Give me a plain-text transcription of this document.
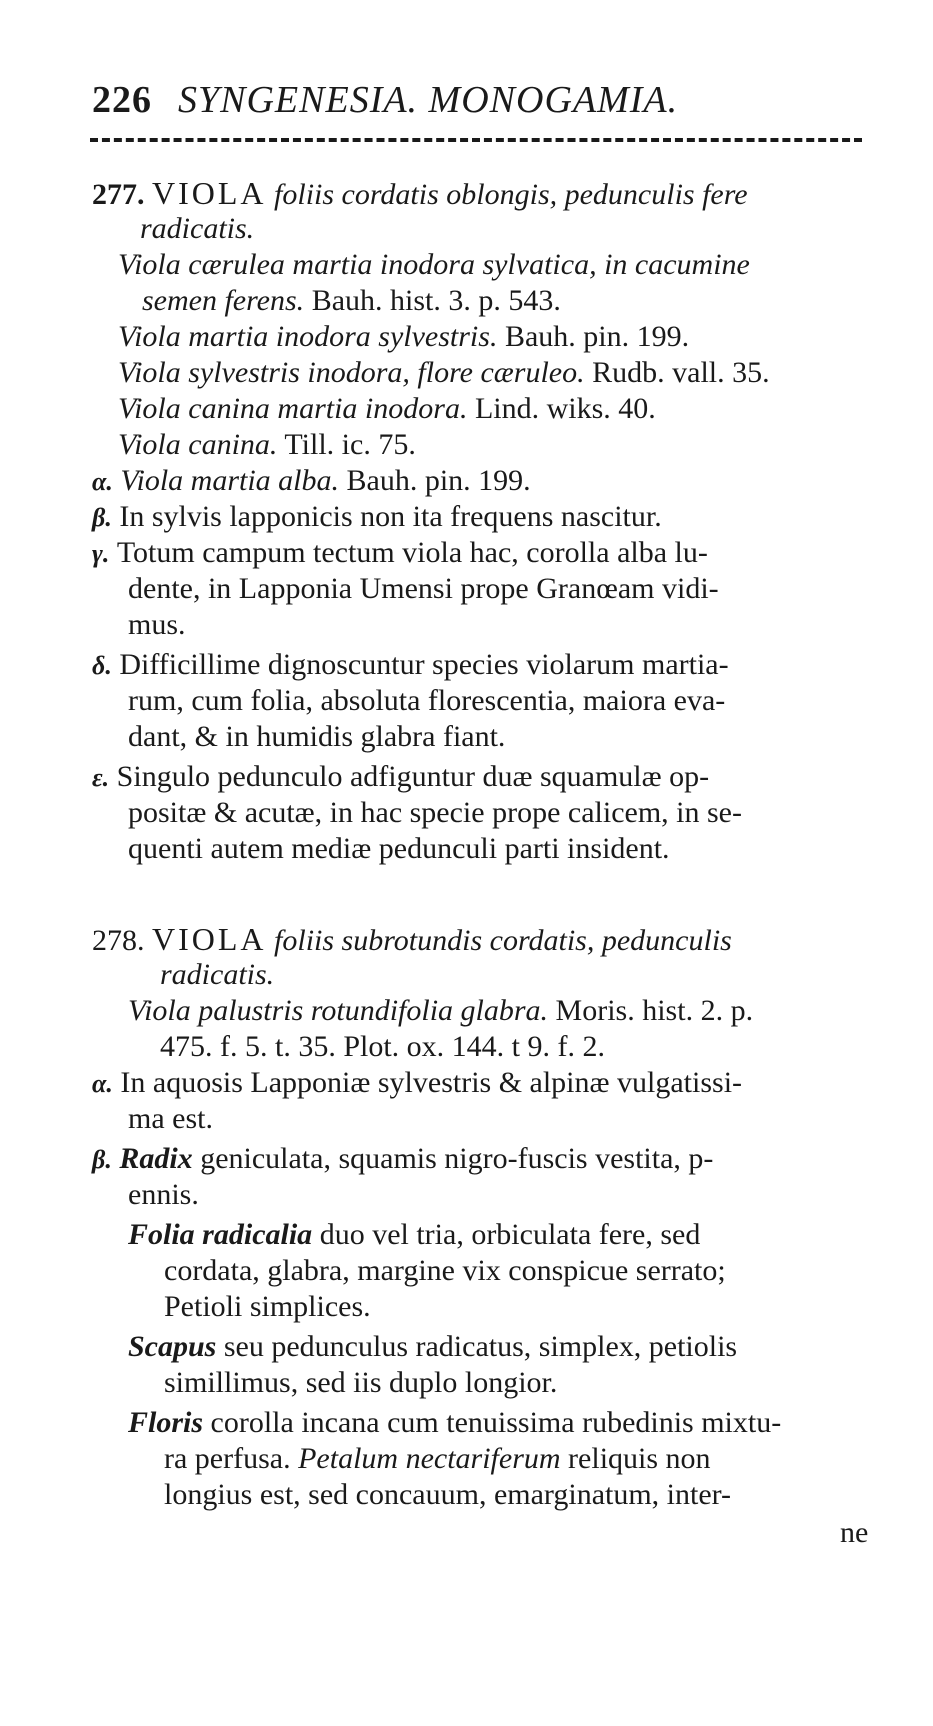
226 SYNGENESIA. MONOGAMIA.
277. VIOLA foliis cordatis oblongis, pedunculis fere
radicatis.
Viola cærulea martia inodora sylvatica, in cacumine
semen ferens. Bauh. hist. 3. p. 543.
Viola martia inodora sylvestris. Bauh. pin. 199.
Viola sylvestris inodora, flore cæruleo. Rudb. vall. 35.
Viola canina martia inodora. Lind. wiks. 40.
Viola canina. Till. ic. 75.
α. Viola martia alba. Bauh. pin. 199.
β. In sylvis lapponicis non ita frequens nascitur.
γ. Totum campum tectum viola hac, corolla alba lu-
dente, in Lapponia Umensi prope Granœam vidi-
mus.
δ. Difficillime dignoscuntur species violarum martia-
rum, cum folia, absoluta florescentia, maiora eva-
dant, & in humidis glabra fiant.
ε. Singulo pedunculo adfiguntur duæ squamulæ op-
positæ & acutæ, in hac specie prope calicem, in se-
quenti autem mediæ pedunculi parti insident.
278. VIOLA foliis subrotundis cordatis, pedunculis
radicatis.
Viola palustris rotundifolia glabra. Moris. hist. 2. p.
475. f. 5. t. 35. Plot. ox. 144. t 9. f. 2.
α. In aquosis Lapponiæ sylvestris & alpinæ vulgatissi-
ma est.
β. Radix geniculata, squamis nigro-fuscis vestita, p-
ennis.
Folia radicalia duo vel tria, orbiculata fere, sed
cordata, glabra, margine vix conspicue serrato;
Petioli simplices.
Scapus seu pedunculus radicatus, simplex, petiolis
simillimus, sed iis duplo longior.
Floris corolla incana cum tenuissima rubedinis mixtu-
ra perfusa. Petalum nectariferum reliquis non
longius est, sed concauum, emarginatum, inter-
ne
